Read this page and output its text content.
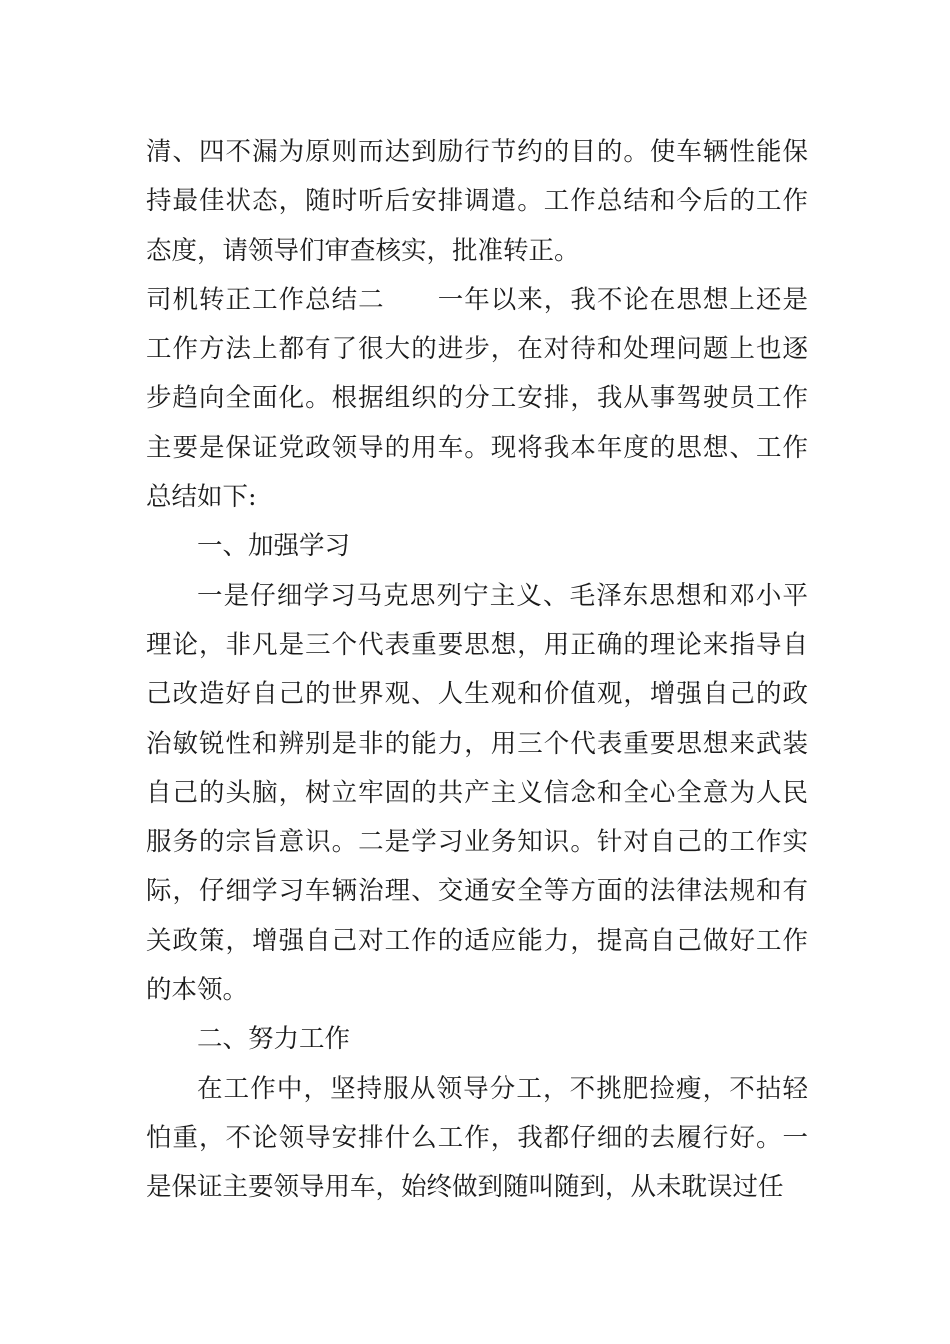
清、四不漏为原则而达到励行节约的目的。使车辆性能保持最佳状态，随时听后安排调遣。工作总结和今后的工作态度，请领导们审查核实，批准转正。

司机转正工作总结二　　 一年以来，我不论在思想上还是工作方法上都有了很大的进步，在对待和处理问题上也逐步趋向全面化。根据组织的分工安排，我从事驾驶员工作主要是保证党政领导的用车。现将我本年度的思想、工作总结如下:

一、加强学习

一是仔细学习马克思列宁主义、毛泽东思想和邓小平理论，非凡是三个代表重要思想，用正确的理论来指导自己改造好自己的世界观、人生观和价值观，增强自己的政治敏锐性和辨别是非的能力，用三个代表重要思想来武装自己的头脑，树立牢固的共产主义信念和全心全意为人民服务的宗旨意识。二是学习业务知识。针对自己的工作实际，仔细学习车辆治理、交通安全等方面的法律法规和有关政策，增强自己对工作的适应能力，提高自己做好工作的本领。

二、努力工作

在工作中，坚持服从领导分工，不挑肥捡瘦，不拈轻怕重，不论领导安排什么工作，我都仔细的去履行好。一是保证主要领导用车，始终做到随叫随到，从未耽误过任
